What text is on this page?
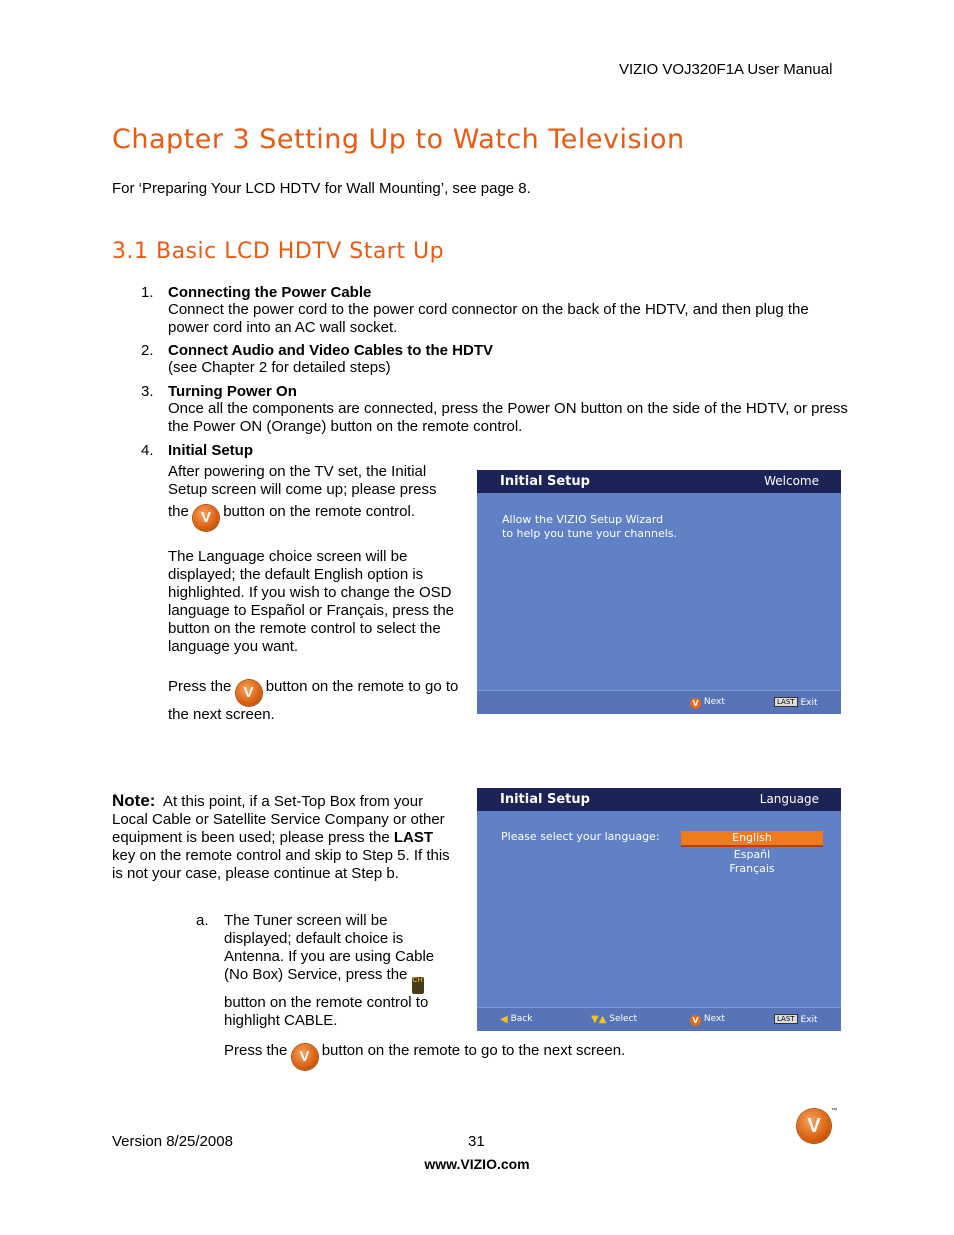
VIZIO VOJ320F1A User Manual
Chapter 3 Setting Up to Watch Television
For ‘Preparing Your LCD HDTV for Wall Mounting’, see page 8.
3.1 Basic LCD HDTV Start Up
1. Connecting the Power Cable
Connect the power cord to the power cord connector on the back of the HDTV, and then plug the power cord into an AC wall socket.
2. Connect Audio and Video Cables to the HDTV
(see Chapter 2 for detailed steps)
3. Turning Power On
Once all the components are connected, press the Power ON button on the side of the HDTV, or press the Power ON (Orange) button on the remote control.
4. Initial Setup
After powering on the TV set, the Initial Setup screen will come up; please press
the V button on the remote control.
The Language choice screen will be displayed; the default English option is highlighted. If you wish to change the OSD language to Español or Français, press the button on the remote control to select the language you want.
Press the V button on the remote to go to the next screen.
Initial Setup	Welcome
Allow the VIZIO Setup Wizard
to help you tune your channels.
V Next	LAST Exit
Note: At this point, if a Set-Top Box from your Local Cable or Satellite Service Company or other equipment is been used; please press the LAST key on the remote control and skip to Step 5. If this is not your case, please continue at Step b.
Initial Setup	Language
Please select your language:	English
Espaňl
Français
◀ Back	▼▲ Select	V Next	LAST Exit
a. The Tuner screen will be displayed; default choice is Antenna. If you are using Cable (No Box) Service, press the CH button on the remote control to highlight CABLE.
Press the V button on the remote to go to the next screen.
Version 8/25/2008	31
www.VIZIO.com
V
™
